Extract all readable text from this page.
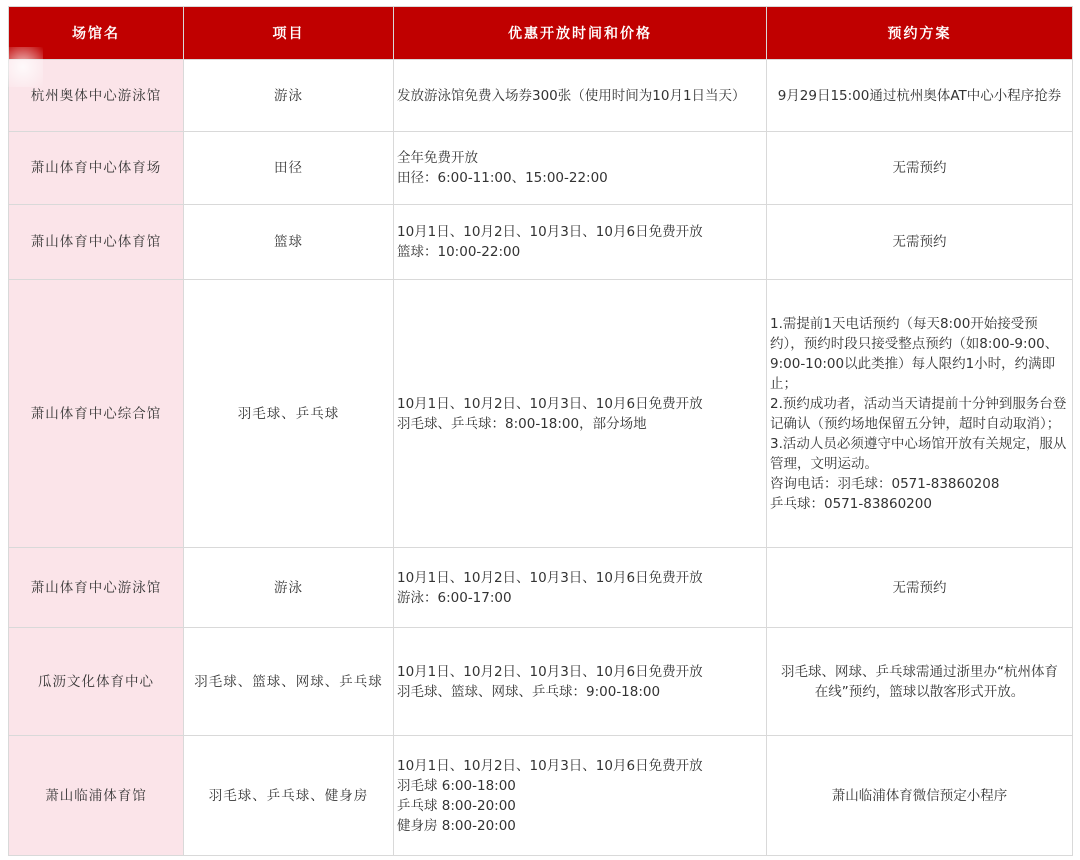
场馆名	项目	优惠开放时间和价格	预约方案
杭州奥体中心游泳馆	游泳	发放游泳馆免费入场券300张（使用时间为10月1日当天）	9月29日15:00通过杭州奥体AT中心小程序抢券

萧山体育中心体育场	田径	全年免费开放
田径：6:00-11:00、15:00-22:00	无需预约

萧山体育中心体育馆	篮球	10月1日、10月2日、10月3日、10月6日免费开放
篮球：10:00-22:00	无需预约

萧山体育中心综合馆	羽毛球、乒乓球	10月1日、10月2日、10月3日、10月6日免费开放
羽毛球、乒乓球：8:00-18:00，部分场地	1.需提前1天电话预约（每天8:00开始接受预约），预约时段只接受整点预约（如8:00-9:00、9:00-10:00以此类推）每人限约1小时，约满即止；
2.预约成功者，活动当天请提前十分钟到服务台登记确认（预约场地保留五分钟，超时自动取消）；
3.活动人员必须遵守中心场馆开放有关规定，服从管理，文明运动。
咨询电话：羽毛球：0571-83860208
乒乓球：0571-83860200

萧山体育中心游泳馆	游泳	10月1日、10月2日、10月3日、10月6日免费开放
游泳：6:00-17:00	无需预约

瓜沥文化体育中心	羽毛球、篮球、网球、乒乓球	10月1日、10月2日、10月3日、10月6日免费开放
羽毛球、篮球、网球、乒乓球：9:00-18:00	羽毛球、网球、乒乓球需通过浙里办“杭州体育在线”预约，篮球以散客形式开放。

萧山临浦体育馆	羽毛球、乒乓球、健身房	10月1日、10月2日、10月3日、10月6日免费开放
羽毛球 6:00-18:00
乒乓球 8:00-20:00
健身房 8:00-20:00	萧山临浦体育微信预定小程序
